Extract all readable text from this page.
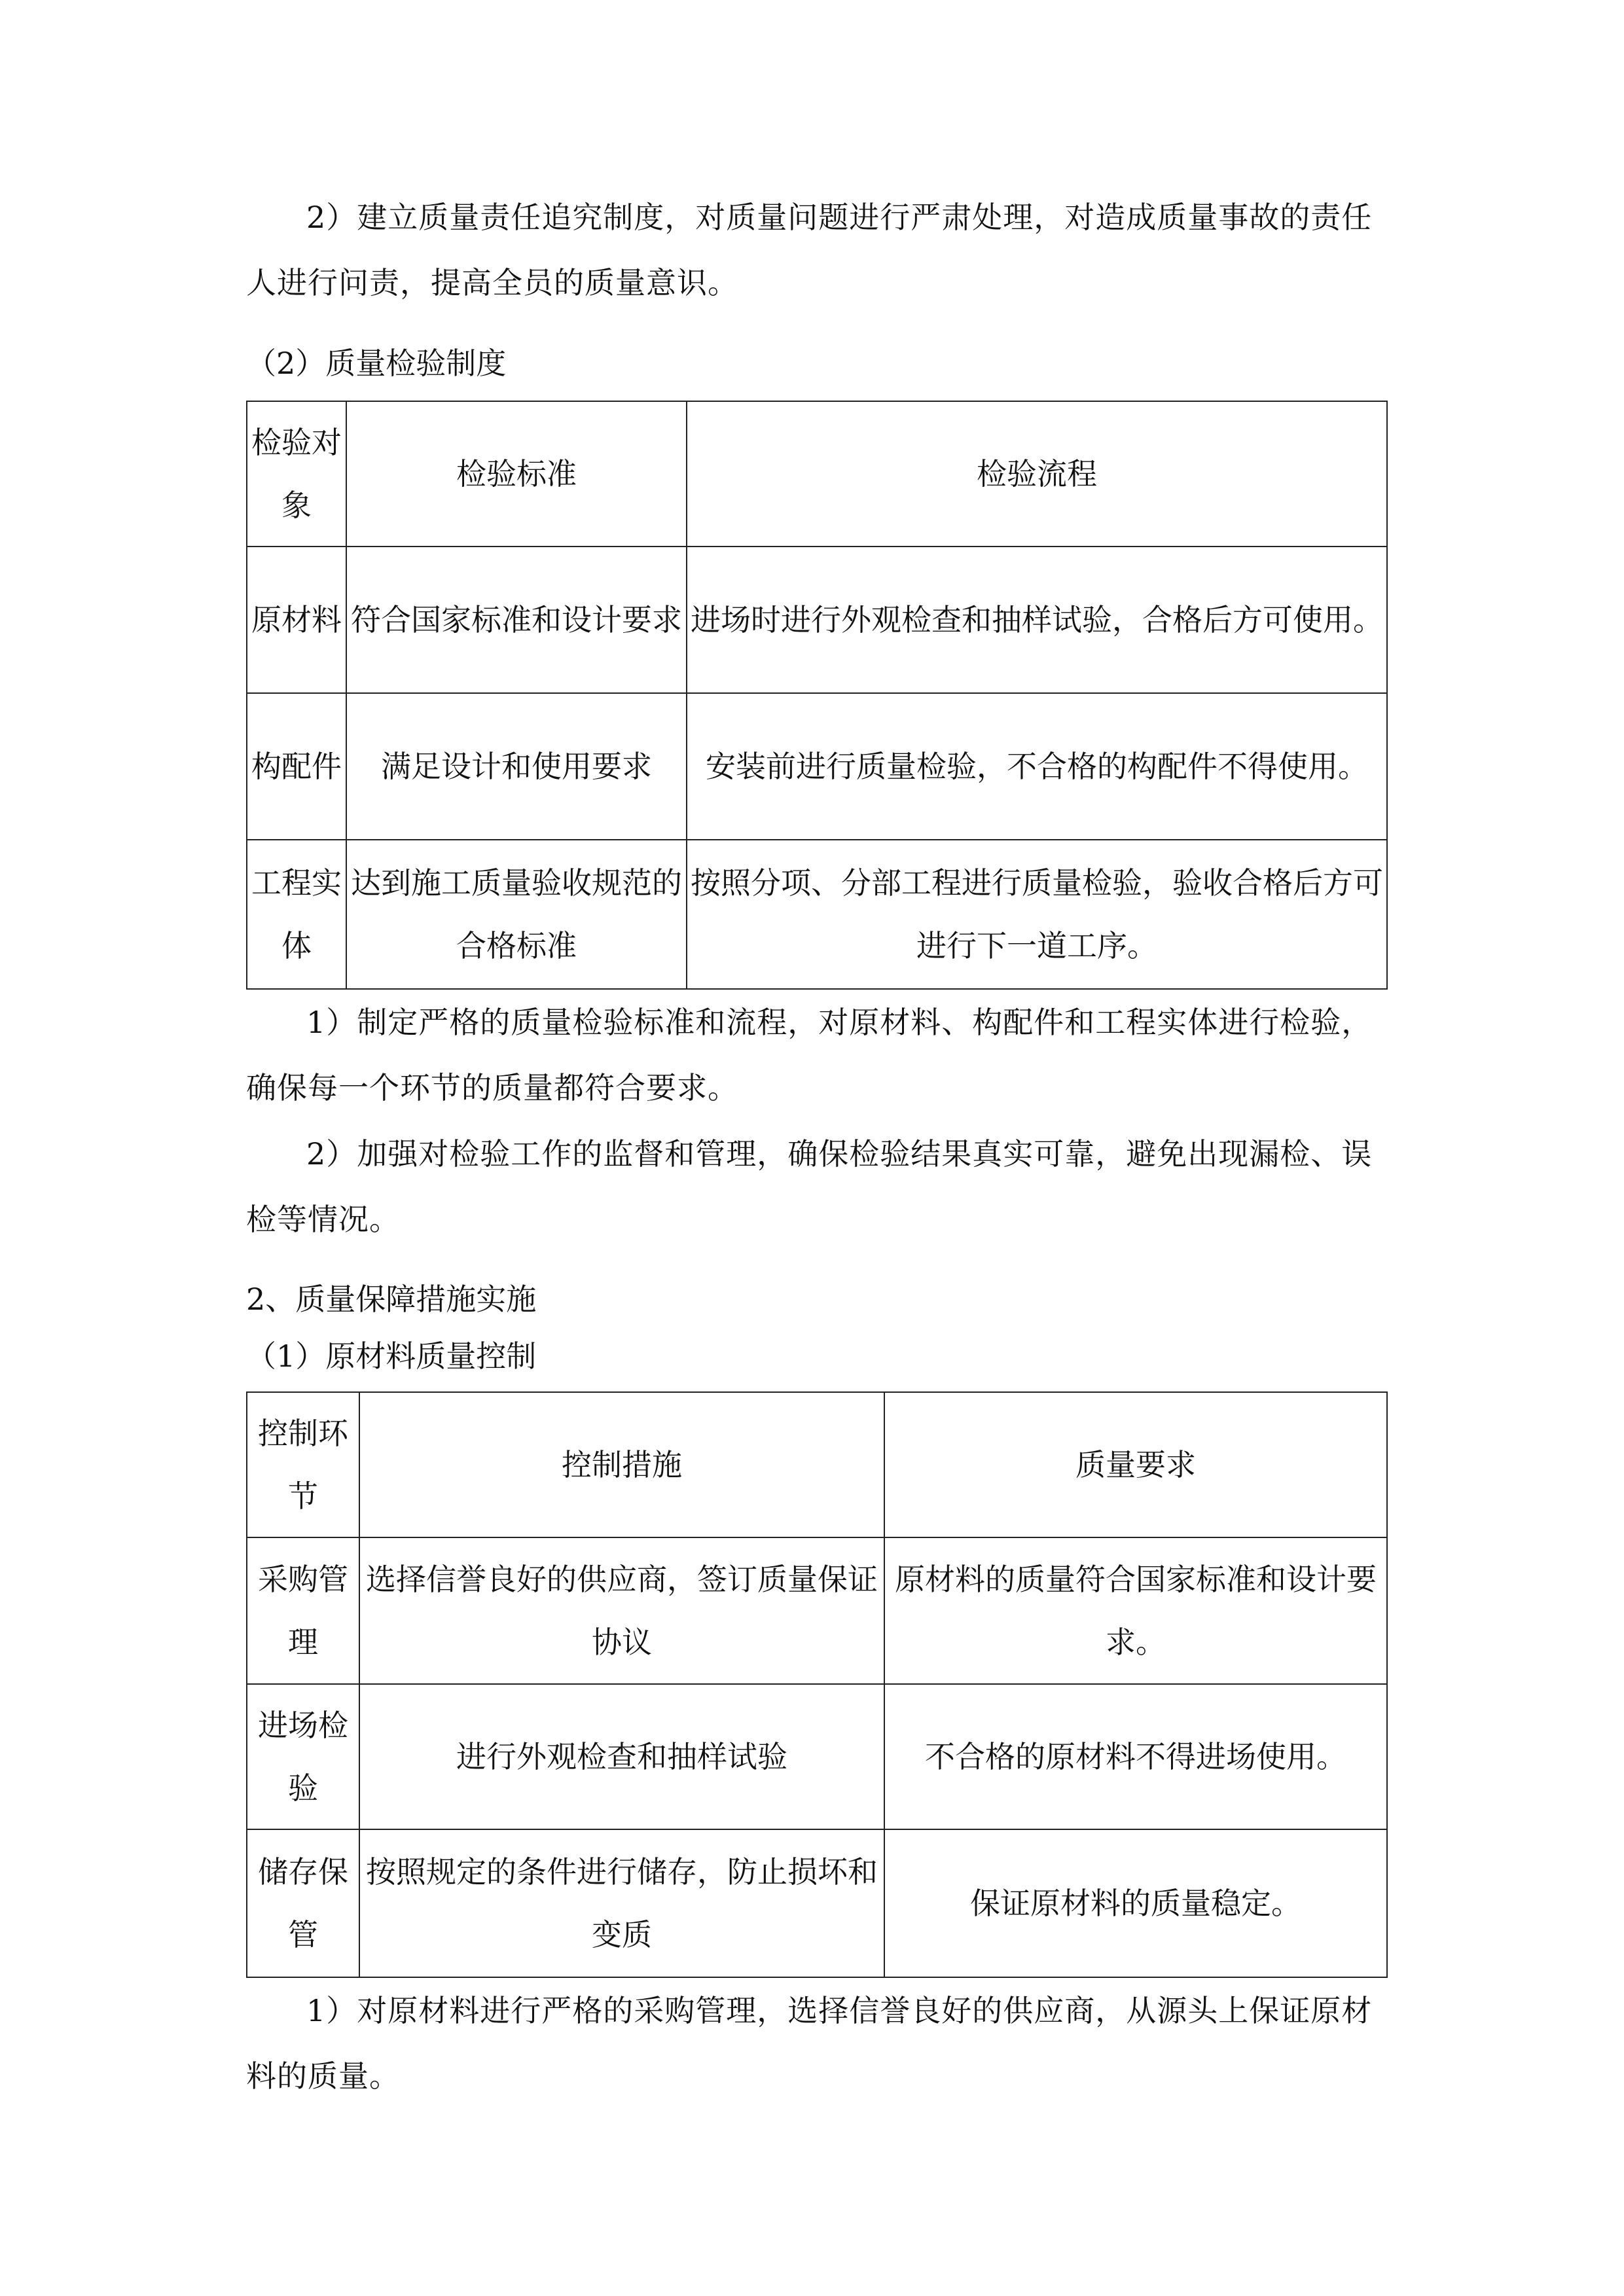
2）建立质量责任追究制度，对质量问题进行严肃处理，对造成质量事故的责任人进行问责，提高全员的质量意识。

（2）质量检验制度

检验对象	检验标准	检验流程
原材料	符合国家标准和设计要求	进场时进行外观检查和抽样试验，合格后方可使用。
构配件	满足设计和使用要求	安装前进行质量检验，不合格的构配件不得使用。
工程实体	达到施工质量验收规范的合格标准	按照分项、分部工程进行质量检验，验收合格后方可进行下一道工序。

1）制定严格的质量检验标准和流程，对原材料、构配件和工程实体进行检验，确保每一个环节的质量都符合要求。

2）加强对检验工作的监督和管理，确保检验结果真实可靠，避免出现漏检、误检等情况。

2、质量保障措施实施

（1）原材料质量控制

控制环节	控制措施	质量要求
采购管理	选择信誉良好的供应商，签订质量保证协议	原材料的质量符合国家标准和设计要求。
进场检验	进行外观检查和抽样试验	不合格的原材料不得进场使用。
储存保管	按照规定的条件进行储存，防止损坏和变质	保证原材料的质量稳定。

1）对原材料进行严格的采购管理，选择信誉良好的供应商，从源头上保证原材料的质量。
